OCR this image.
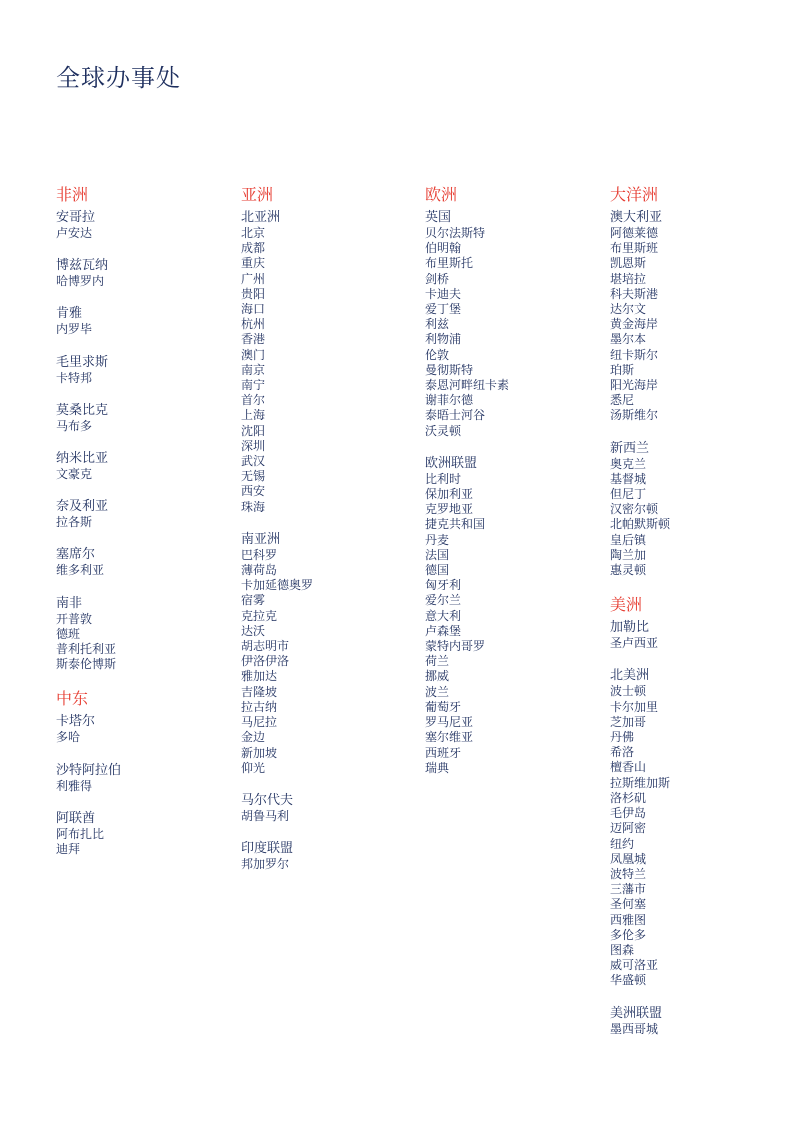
全球办事处
非洲
安哥拉
卢安达
博兹瓦纳
哈博罗内
肯雅
内罗毕
毛里求斯
卡特邦
莫桑比克
马布多
纳米比亚
文豪克
奈及利亚
拉各斯
塞席尔
维多利亚
南非
开普敦
德班
普利托利亚
斯泰伦博斯
中东
卡塔尔
多哈
沙特阿拉伯
利雅得
阿联酋
阿布扎比
迪拜
亚洲
北亚洲
北京
成都
重庆
广州
贵阳
海口
杭州
香港
澳门
南京
南宁
首尔
上海
沈阳
深圳
武汉
无锡
西安
珠海
南亚洲
巴科罗
薄荷岛
卡加延德奥罗
宿雾
克拉克
达沃
胡志明市
伊洛伊洛
雅加达
吉隆坡
拉古纳
马尼拉
金边
新加坡
仰光
马尔代夫
胡鲁马利
印度联盟
邦加罗尔
欧洲
英国
贝尔法斯特
伯明翰
布里斯托
剑桥
卡迪夫
爱丁堡
利兹
利物浦
伦敦
曼彻斯特
泰恩河畔纽卡素
谢菲尔德
泰晤士河谷
沃灵顿
欧洲联盟
比利时
保加利亚
克罗地亚
捷克共和国
丹麦
法国
德国
匈牙利
爱尔兰
意大利
卢森堡
蒙特内哥罗
荷兰
挪威
波兰
葡萄牙
罗马尼亚
塞尔维亚
西班牙
瑞典
大洋洲
澳大利亚
阿德莱德
布里斯班
凯恩斯
堪培拉
科夫斯港
达尔文
黄金海岸
墨尔本
纽卡斯尔
珀斯
阳光海岸
悉尼
汤斯维尔
新西兰
奥克兰
基督城
但尼丁
汉密尔顿
北帕默斯顿
皇后镇
陶兰加
惠灵顿
美洲
加勒比
圣卢西亚
北美洲
波士顿
卡尔加里
芝加哥
丹佛
希洛
檀香山
拉斯维加斯
洛杉矶
毛伊岛
迈阿密
纽约
凤凰城
波特兰
三藩市
圣何塞
西雅图
多伦多
图森
威可洛亚
华盛顿
美洲联盟
墨西哥城
